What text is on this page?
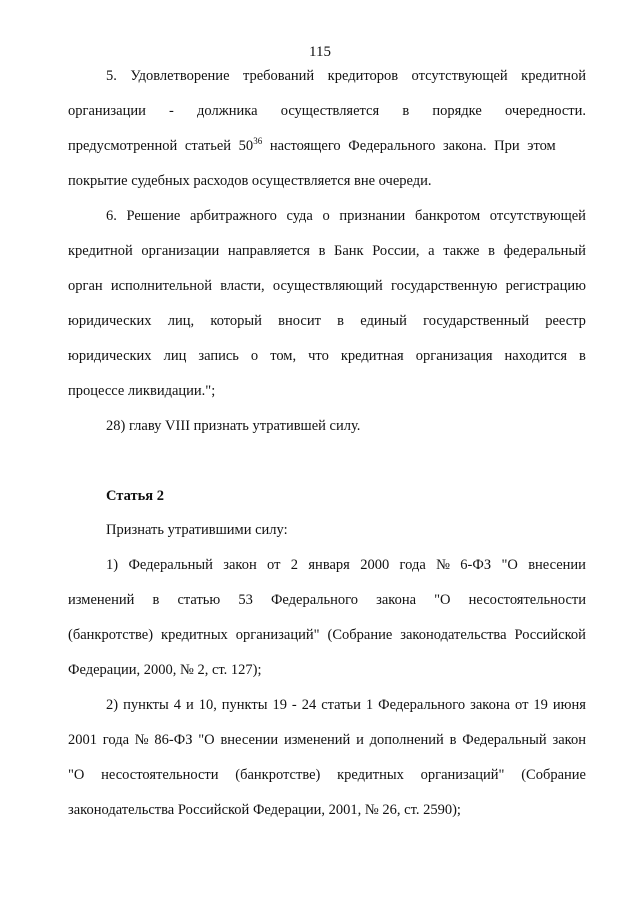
115
5. Удовлетворение требований кредиторов отсутствующей кредитной
организации - должника осуществляется в порядке очередности.
предусмотренной статьей $50^{36}$ настоящего Федерального закона. При этом
покрытие судебных расходов осуществляется вне очереди.
6. Решение арбитражного суда о признании банкротом отсутствующей
кредитной организации направляется в Банк России, а также в федеральный
орган исполнительной власти, осуществляющий государственную регистрацию
юридических лиц, который вносит в единый государственный реестр
юридических лиц запись о том, что кредитная организация находится в
процессе ликвидации.";
28) главу VIII признать утратившей силу.
Статья 2
Признать утратившими силу:
1) Федеральный закон от 2 января 2000 года № 6-ФЗ "О внесении
изменений в статью 53 Федерального закона "О несостоятельности
(банкротстве) кредитных организаций" (Собрание законодательства Российской
Федерации, 2000, № 2, ст. 127);
2) пункты 4 и 10, пункты 19 - 24 статьи 1 Федерального закона от 19 июня
2001 года № 86-ФЗ "О внесении изменений и дополнений в Федеральный закон
"О несостоятельности (банкротстве) кредитных организаций" (Собрание
законодательства Российской Федерации, 2001, № 26, ст. 2590);
